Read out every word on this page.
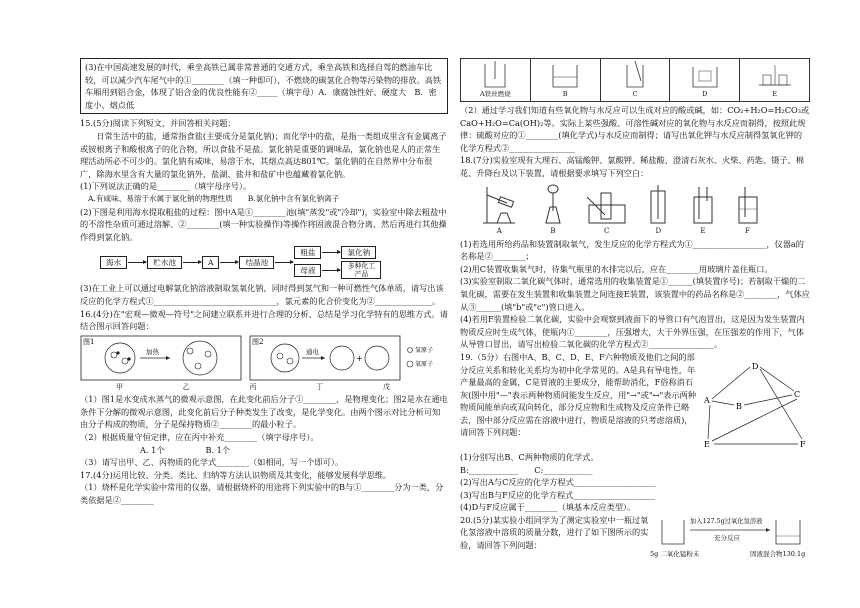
(3)在中国高速发展的时代，乘坐高铁已属非常普通的交通方式，乘坐高铁和选择自驾的燃油车比较，可以减少汽车尾气中的①________（填一种即可），不燃烧的碳氢化合物等污染物的排放。高铁车厢用到铝合金，体现了铝合金的优良性能有②_____（填字母）A．康腐蚀性好、硬度大　B．密度小、熔点低

15.(5分)阅读下列短文，并回答相关问题：

日常生活中的盐，通常指食盐(主要成分是氯化钠)；而化学中的盐，是指一类组成里含有金属离子或铵根离子和酸根离子的化合物，所以食盐不是盐。氯化钠是重要的调味品，氯化钠也是人的正常生理活动所必不可少的。氯化钠有咸味，易溶于水，其熔点高达801℃。氯化钠的在自然界中分布很广，除海水里含有大量的氯化钠外，盐湖、盐井和盐矿中也蕴藏着氯化钠。

(1)下列说法正确的是________（填字母序号）。

A.有咸味、易溶于水属于氯化钠的物理性质　　B.氯化钠中含有氯化钠离子

(2)下图是利用海水提取粗盐的过程：图中A是①________池(填"蒸发"或"冷却")，实验室中除去粗盐中的不溶性杂质可通过溶解、②________(填一种实验操作)等操作将固液混合物分离，然后再进行其他操作得到氯化钠。

海水	贮水池	A	结晶池
粗盐	氯化钠
母液	多种化工产品

(3)在工业上可以通过电解氯化钠溶液制取氢氧化钠，同时得到氢气和一种可燃性气体单质，请写出该反应的化学方程式①______________________________，氯元素的化合价变化为②______________。

16.(4分)在"宏观—微观—符号"之间建立联系并进行合理的分析、总结是学习化学特有的思维方式。请结合图示回答问题：

图1	图2
加热	通电
+
氢原子
氧原子
甲	乙	丙	丁	戊

（1）图1是水变成水蒸气的微观示意图，在此变化前后分子①________，是物理变化；图2是水在通电条件下分解的微观示意图，此变化前后分子种类发生了改变，是化学变化。由两个图示对比分析可知由分子构成的物质，分子是保持物质②________的最小粒子。

（2）根据质量守恒定律，应在丙中补充________（填字母序号）。

A. 1个　　　　　B. 1个

（3）请写出甲、乙、丙物质的化学式________（如相同，写一个即可）。

17.(4分)运用比较、分类、类比、归纳等方法认识物质及其变化，能够发展科学思维。

（1）烧杯是化学实验中常用的仪器，请根据烧杯的用途将下列实验中的B与①________分为一类，分类依据是②________

A铁丝燃烧	B	C	D	E

（2）通过学习我们知道有些氧化物与水反应可以生成对应的酸或碱，如：CO₂+H₂O=H₂CO₃或CaO+H₂O=Ca(OH)₂等。实际上某些强酸、可溶性碱对应的氧化物与水反应而制得，按照此规律：硫酸对应的①________(填化学式)与水反应而制得；请写出氧化钾与水反应制得氢氧化钾的化学方程式②________________

18.(7分)实验室现有大理石、高锰酸钾、氯酸钾、稀盐酸、澄清石灰水、火柴、药匙、镊子、棉花、升降台及以下装置，请根据要求填写下列空白：

A	B	C	D	E	F

(1)若选用所给药品和装置制取氧气，发生反应的化学方程式为①__________________，仪器a的名称是②________；

(2)用C装置收集氧气时，待集气瓶里的水排完以后，应在________用玻璃片盖住瓶口。

(3)实验室制取二氧化碳气体时，通常选用的收集装置是①______(填装置序号)；若制取干燥的二氧化碳，需要在发生装置和收集装置之间连接E装置，该装置中的药品名称是②________，气体应从③______(填"b"或"c")管口进入。

(4)若用F装置检验二氧化碳，实验中会观察到液面下的导管口有气泡冒出，这是因为发生装置内物质反应时生成气体，使瓶内①________，压强增大，大于外界压强，在压强差的作用下，气体从导管口冒出，请写出检验二氧化碳的化学方程式②________________。

19.（5分）右图中A、B、C、D、E、F六种物质及他们之间的部分反应关系和转化关系均为初中化学常见的。A是具有导电性，年产量最高的金属，C是胃液的主要成分，能帮助消化，F俗称消石灰(图中用"—"表示两种物质间能发生反应，用"→"或"↔"表示两种物质间能单向或双向转化，部分反应物和生成物及反应条件已略去，图中部分反应需在溶液中进行，物质是溶液的只考虑溶质)，请回答下列问题：

D
A
C
B
E	F

(1)分别写出B、C两种物质的化学式。

B:____________　　C:____________

(2)写出A与C反应的化学方程式____________________

(3)写出B与F反应的化学方程式____________________

(4)D与F反应属于________（填基本反应类型）。

20.(5分)某实验小组同学为了测定实验室中一瓶过氧化氢溶液中溶质的质量分数，进行了如下图所示的实验，请回答下列问题：

加入127.5g过氧化氢溶液
充分反应
5g 二氧化锰粉末	固液混合物130.1g
